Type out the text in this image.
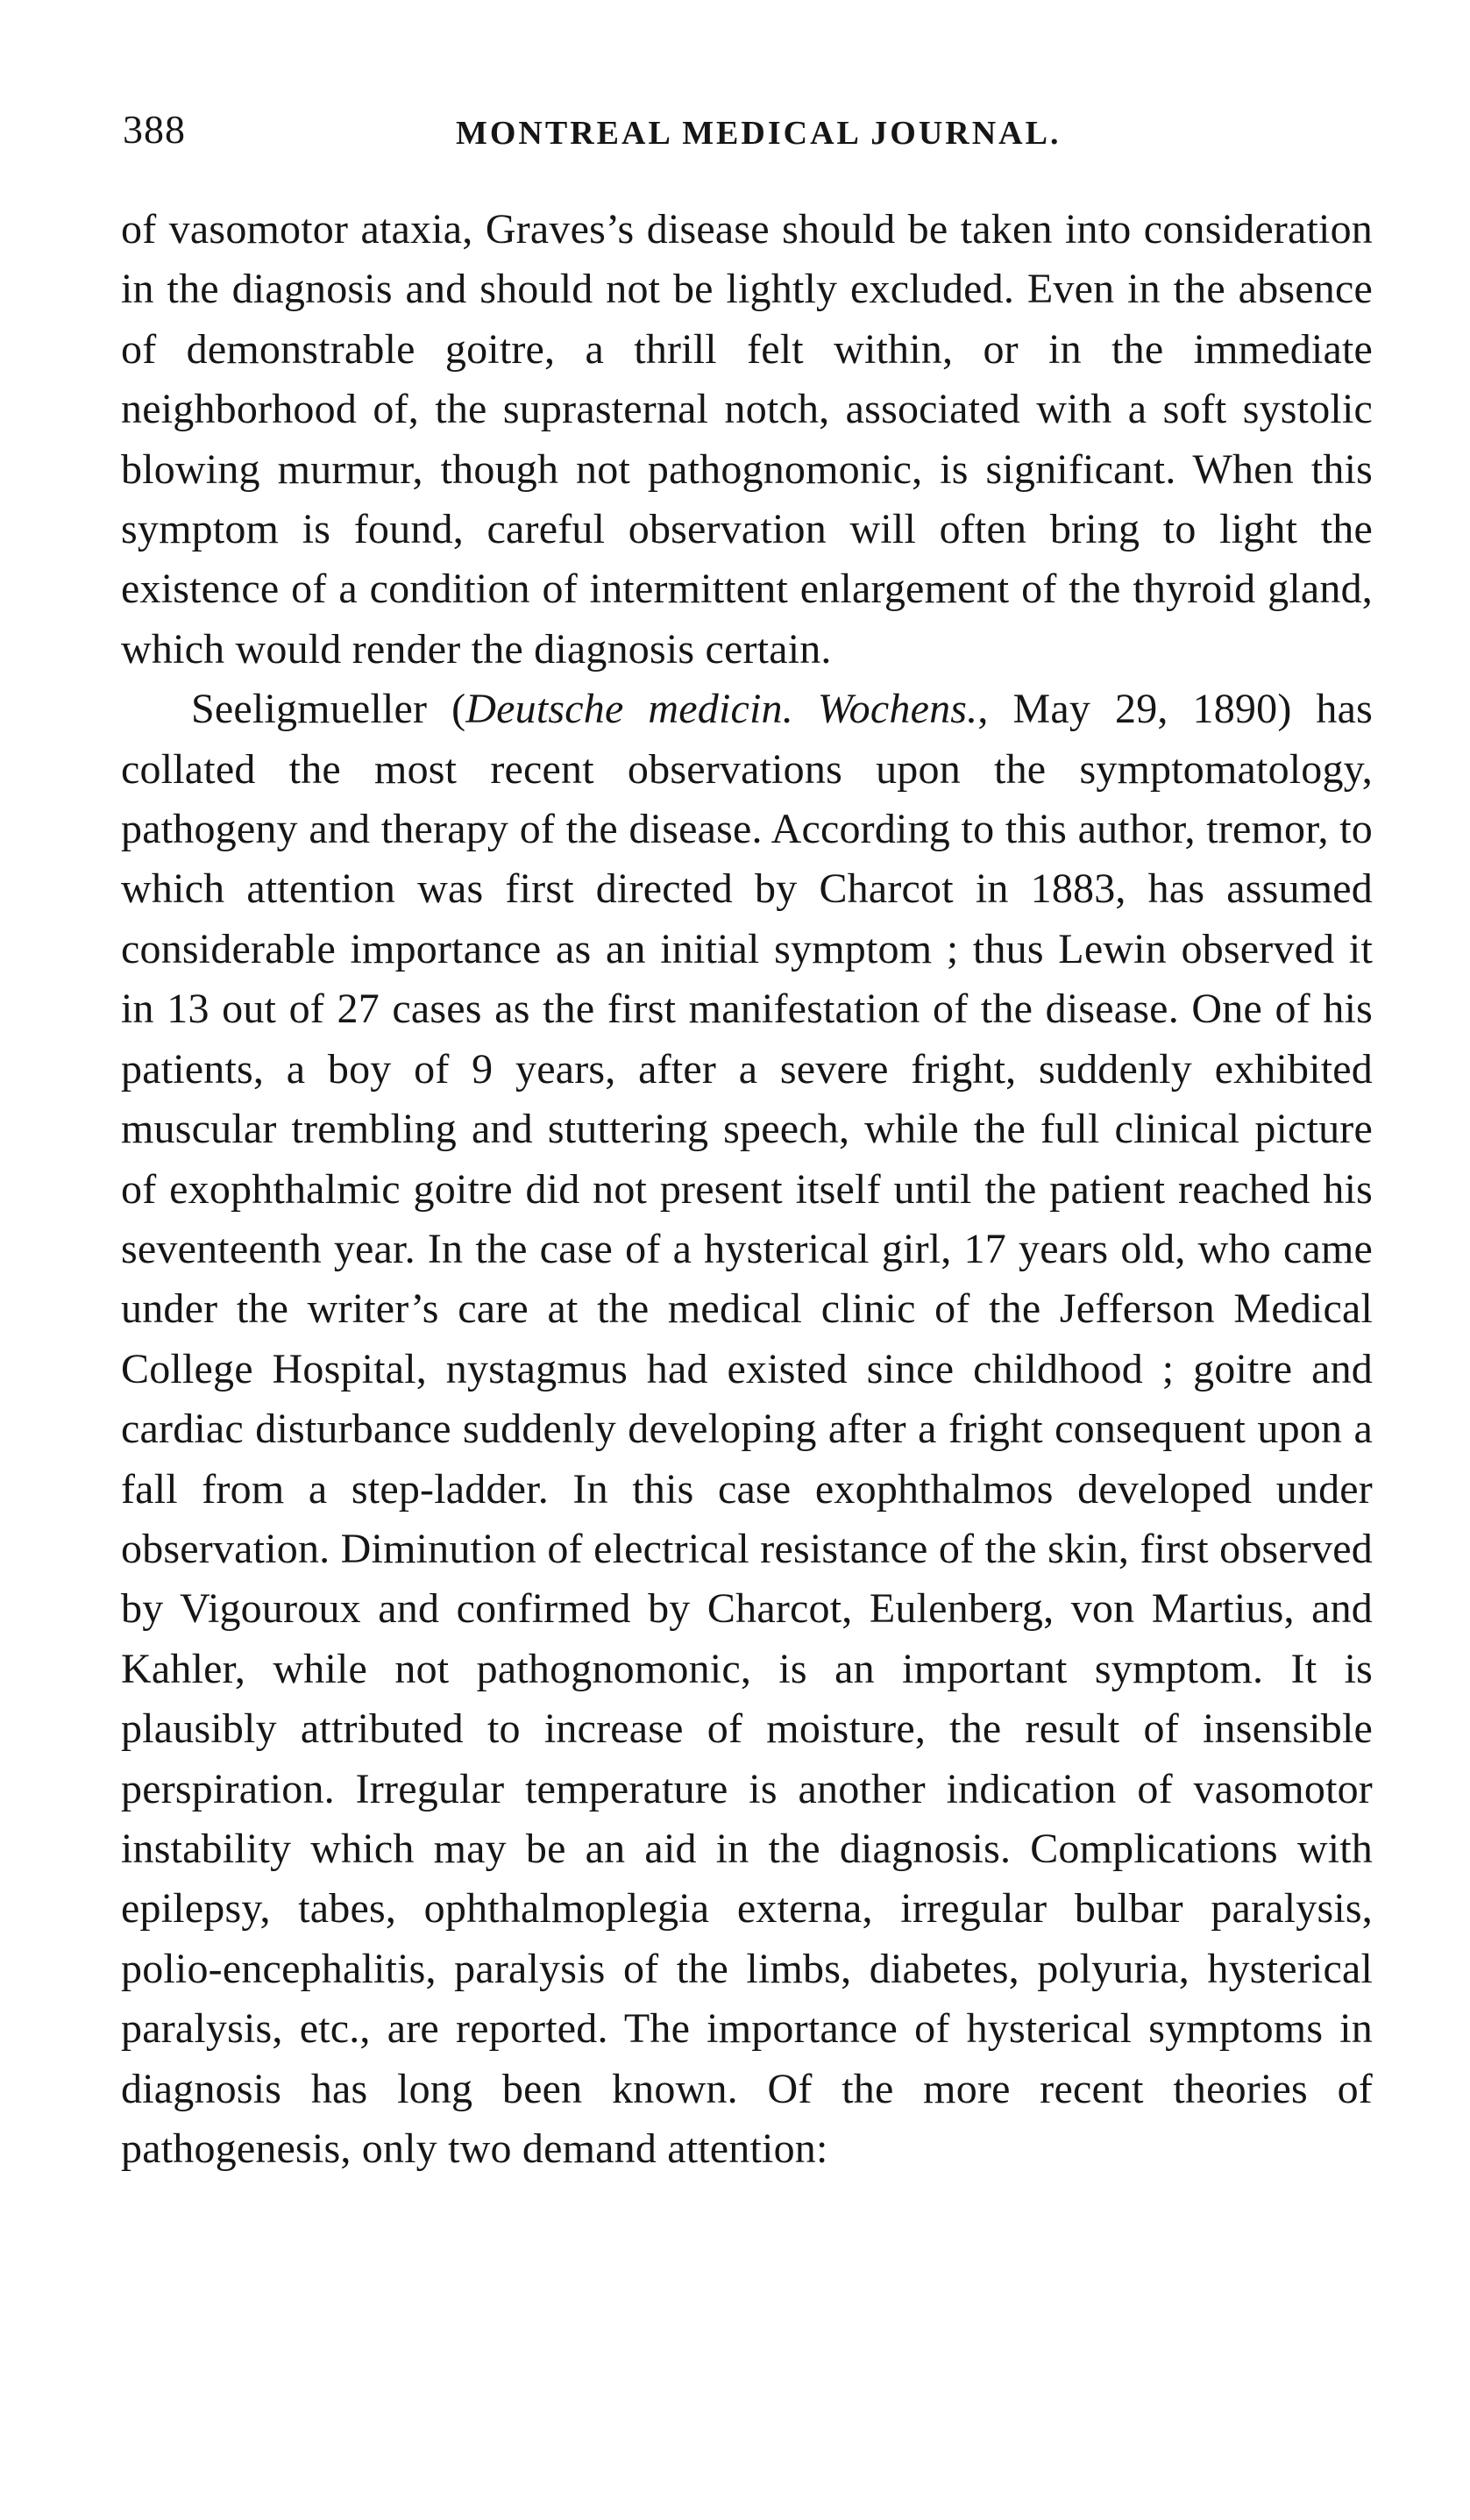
388	MONTREAL MEDICAL JOURNAL.

of vasomotor ataxia, Graves’s disease should be taken into consideration in the diagnosis and should not be lightly excluded. Even in the absence of demonstrable goitre, a thrill felt within, or in the immediate neighborhood of, the suprasternal notch, associated with a soft systolic blowing murmur, though not pathognomonic, is significant. When this symptom is found, careful observation will often bring to light the existence of a condition of intermittent enlargement of the thyroid gland, which would render the diagnosis certain.

Seeligmueller (Deutsche medicin. Wochens., May 29, 1890) has collated the most recent observations upon the symptomatology, pathogeny and therapy of the disease. According to this author, tremor, to which attention was first directed by Charcot in 1883, has assumed considerable importance as an initial symptom ; thus Lewin observed it in 13 out of 27 cases as the first manifestation of the disease. One of his patients, a boy of 9 years, after a severe fright, suddenly exhibited muscular trembling and stuttering speech, while the full clinical picture of exophthalmic goitre did not present itself until the patient reached his seventeenth year. In the case of a hysterical girl, 17 years old, who came under the writer’s care at the medical clinic of the Jefferson Medical College Hospital, nystagmus had existed since childhood ; goitre and cardiac disturbance suddenly developing after a fright consequent upon a fall from a step-ladder. In this case exophthalmos developed under observation. Diminution of electrical resistance of the skin, first observed by Vigouroux and confirmed by Charcot, Eulenberg, von Martius, and Kahler, while not pathognomonic, is an important symptom. It is plausibly attributed to increase of moisture, the result of insensible perspiration. Irregular temperature is another indication of vasomotor instability which may be an aid in the diagnosis. Complications with epilepsy, tabes, ophthalmoplegia externa, irregular bulbar paralysis, polio-encephalitis, paralysis of the limbs, diabetes, polyuria, hysterical paralysis, etc., are reported. The importance of hysterical symptoms in diagnosis has long been known. Of the more recent theories of pathogenesis, only two demand attention:
